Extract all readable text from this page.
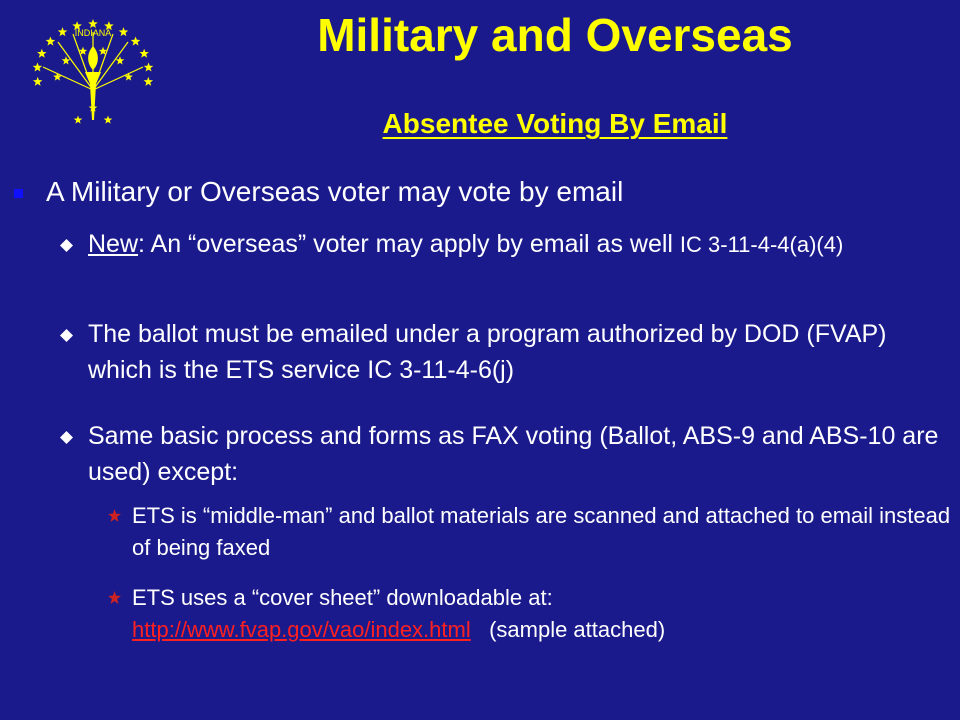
INDIANA	Military and Overseas
Absentee Voting By Email
A Military or Overseas voter may vote by email
New: An “overseas” voter may apply by email as well IC 3-11-4-4(a)(4)
The ballot must be emailed under a program authorized by DOD (FVAP) which is the ETS service IC 3-11-4-6(j)
Same basic process and forms as FAX voting (Ballot, ABS-9 and ABS-10 are used) except:
ETS is “middle-man” and ballot materials are scanned and attached to email instead of being faxed
ETS uses a “cover sheet” downloadable at:
http://www.fvap.gov/vao/index.html   (sample attached)
